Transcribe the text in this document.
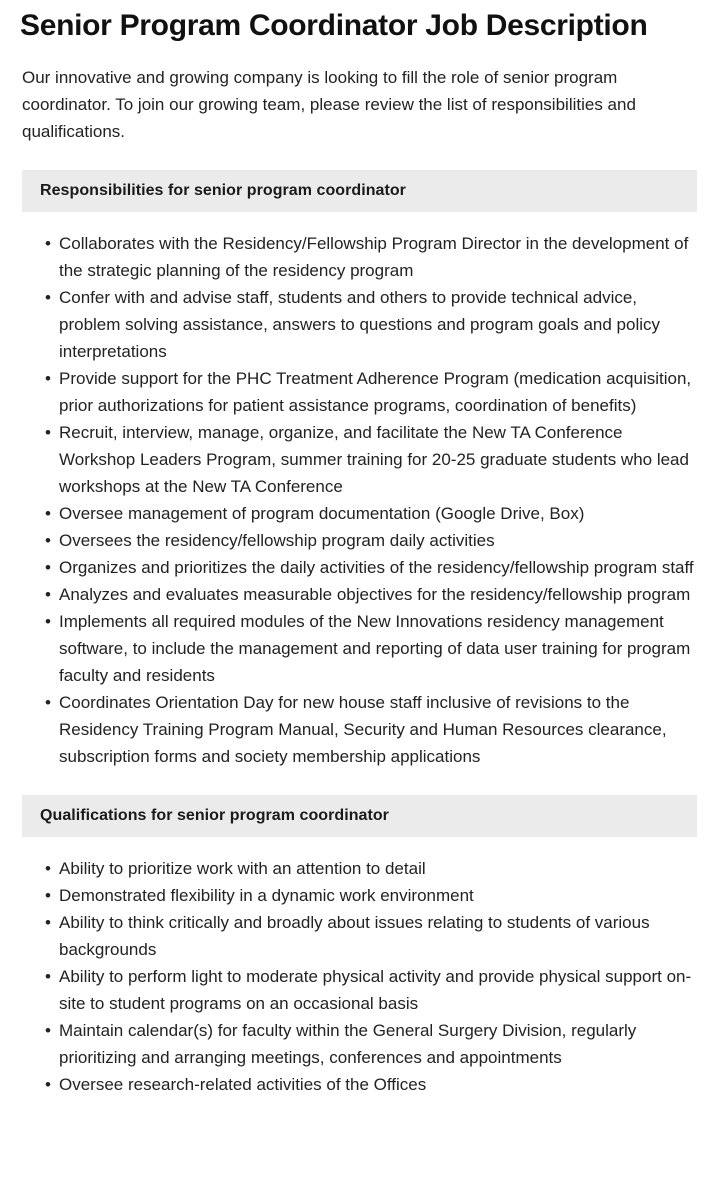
Senior Program Coordinator Job Description

Our innovative and growing company is looking to fill the role of senior program coordinator. To join our growing team, please review the list of responsibilities and qualifications.

Responsibilities for senior program coordinator
• Collaborates with the Residency/Fellowship Program Director in the development of the strategic planning of the residency program
• Confer with and advise staff, students and others to provide technical advice, problem solving assistance, answers to questions and program goals and policy interpretations
• Provide support for the PHC Treatment Adherence Program (medication acquisition, prior authorizations for patient assistance programs, coordination of benefits)
• Recruit, interview, manage, organize, and facilitate the New TA Conference Workshop Leaders Program, summer training for 20-25 graduate students who lead workshops at the New TA Conference
• Oversee management of program documentation (Google Drive, Box)
• Oversees the residency/fellowship program daily activities
• Organizes and prioritizes the daily activities of the residency/fellowship program staff
• Analyzes and evaluates measurable objectives for the residency/fellowship program
• Implements all required modules of the New Innovations residency management software, to include the management and reporting of data user training for program faculty and residents
• Coordinates Orientation Day for new house staff inclusive of revisions to the Residency Training Program Manual, Security and Human Resources clearance, subscription forms and society membership applications
Qualifications for senior program coordinator
• Ability to prioritize work with an attention to detail
• Demonstrated flexibility in a dynamic work environment
• Ability to think critically and broadly about issues relating to students of various backgrounds
• Ability to perform light to moderate physical activity and provide physical support on-site to student programs on an occasional basis
• Maintain calendar(s) for faculty within the General Surgery Division, regularly prioritizing and arranging meetings, conferences and appointments
• Oversee research-related activities of the Offices
